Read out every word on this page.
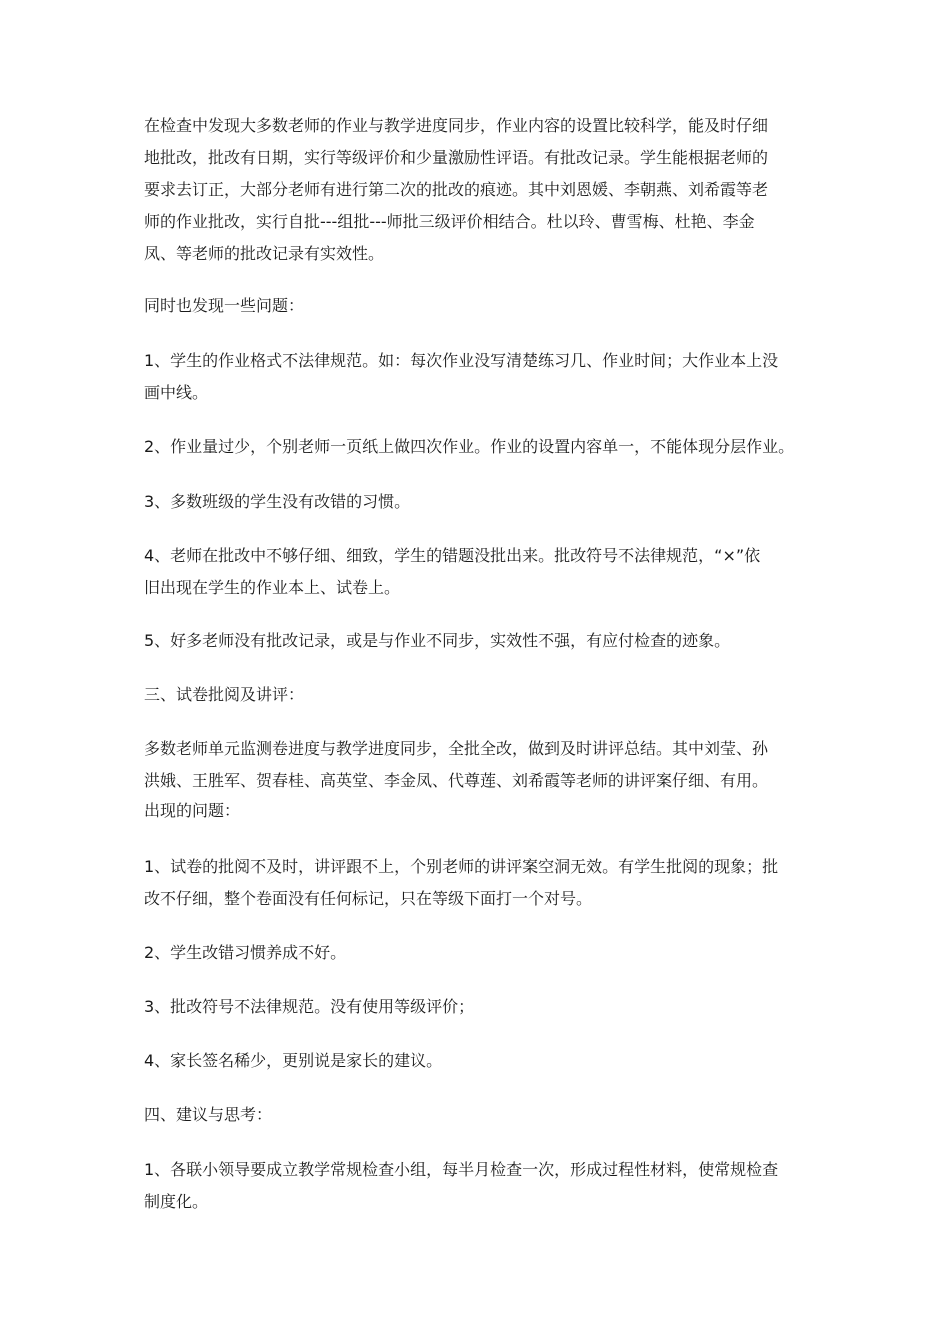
在检查中发现大多数老师的作业与教学进度同步，作业内容的设置比较科学，能及时仔细
地批改，批改有日期，实行等级评价和少量激励性评语。有批改记录。学生能根据老师的
要求去订正，大部分老师有进行第二次的批改的痕迹。其中刘恩媛、李朝燕、刘希霞等老
师的作业批改，实行自批---组批---师批三级评价相结合。杜以玲、曹雪梅、杜艳、李金
凤、等老师的批改记录有实效性。

同时也发现一些问题：

1、学生的作业格式不法律规范。如：每次作业没写清楚练习几、作业时间；大作业本上没
画中线。

2、作业量过少，个别老师一页纸上做四次作业。作业的设置内容单一，不能体现分层作业。

3、多数班级的学生没有改错的习惯。

4、老师在批改中不够仔细、细致，学生的错题没批出来。批改符号不法律规范，“×”依
旧出现在学生的作业本上、试卷上。

5、好多老师没有批改记录，或是与作业不同步，实效性不强，有应付检查的迹象。

三、试卷批阅及讲评：

多数老师单元监测卷进度与教学进度同步，全批全改，做到及时讲评总结。其中刘莹、孙
洪娥、王胜军、贺春桂、高英堂、李金凤、代尊莲、刘希霞等老师的讲评案仔细、有用。
出现的问题：

1、试卷的批阅不及时，讲评跟不上，个别老师的讲评案空洞无效。有学生批阅的现象；批
改不仔细，整个卷面没有任何标记，只在等级下面打一个对号。

2、学生改错习惯养成不好。

3、批改符号不法律规范。没有使用等级评价；

4、家长签名稀少，更别说是家长的建议。

四、建议与思考：

1、各联小领导要成立教学常规检查小组，每半月检查一次，形成过程性材料，使常规检查
制度化。
